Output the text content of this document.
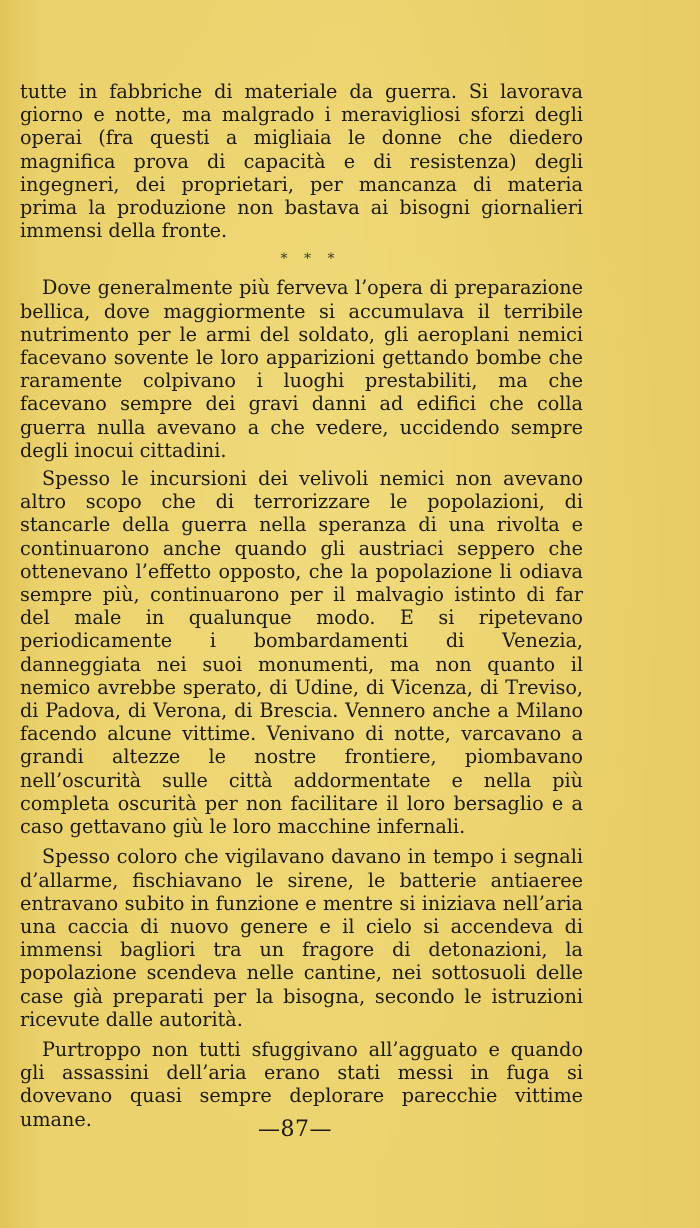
tutte in fabbriche di materiale da guerra. Si lavorava giorno e notte, ma malgrado i meravigliosi sforzi degli operai (fra questi a migliaia le donne che diedero magnifica prova di capacità e di resistenza) degli ingegneri, dei proprietari, per mancanza di materia prima la produzione non bastava ai bisogni giornalieri immensi della fronte.

* * *

Dove generalmente più ferveva l’opera di preparazione bellica, dove maggiormente si accumulava il terribile nutrimento per le armi del soldato, gli aeroplani nemici facevano sovente le loro apparizioni gettando bombe che raramente colpivano i luoghi prestabiliti, ma che facevano sempre dei gravi danni ad edifici che colla guerra nulla avevano a che vedere, uccidendo sempre degli inocui cittadini.

Spesso le incursioni dei velivoli nemici non avevano altro scopo che di terrorizzare le popolazioni, di stancarle della guerra nella speranza di una rivolta e continuarono anche quando gli austriaci seppero che ottenevano l’effetto opposto, che la popolazione li odiava sempre più, continuarono per il malvagio istinto di far del male in qualunque modo. E si ripetevano periodicamente i bombardamenti di Venezia, danneggiata nei suoi monumenti, ma non quanto il nemico avrebbe sperato, di Udine, di Vicenza, di Treviso, di Padova, di Verona, di Brescia. Vennero anche a Milano facendo alcune vittime. Venivano di notte, varcavano a grandi altezze le nostre frontiere, piombavano nell’oscurità sulle città addormentate e nella più completa oscurità per non facilitare il loro bersaglio e a caso gettavano giù le loro macchine infernali.

Spesso coloro che vigilavano davano in tempo i segnali d’allarme, fischiavano le sirene, le batterie antiaeree entravano subito in funzione e mentre si iniziava nell’aria una caccia di nuovo genere e il cielo si accendeva di immensi bagliori tra un fragore di detonazioni, la popolazione scendeva nelle cantine, nei sottosuoli delle case già preparati per la bisogna, secondo le istruzioni ricevute dalle autorità.

Purtroppo non tutti sfuggivano all’agguato e quando gli assassini dell’aria erano stati messi in fuga si dovevano quasi sempre deplorare parecchie vittime umane.	—87—
